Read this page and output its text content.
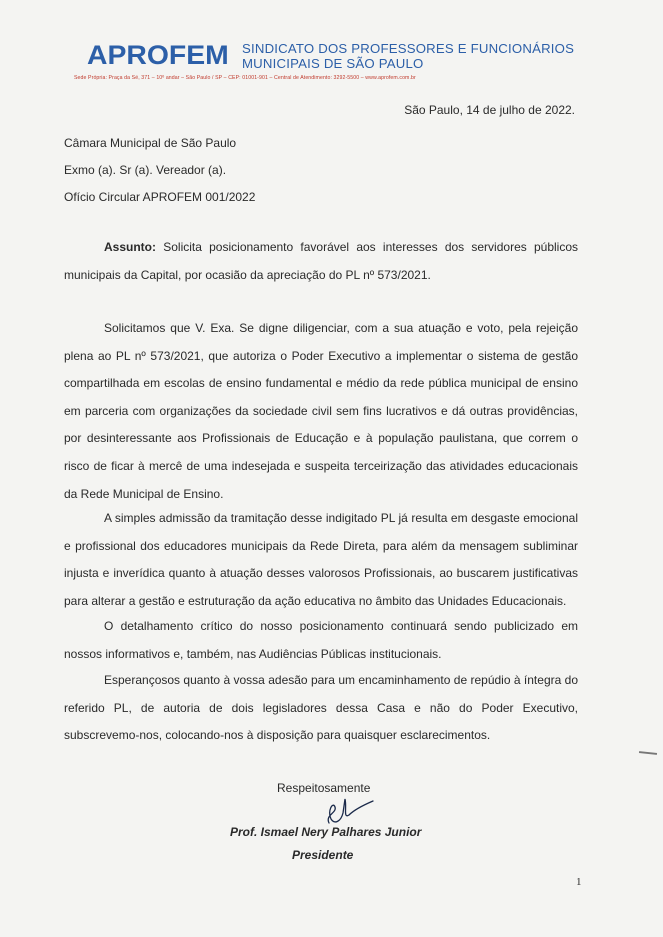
APROFEM SINDICATO DOS PROFESSORES E FUNCIONÁRIOS
MUNICIPAIS DE SÃO PAULO
Sede Própria: Praça da Sé, 371 – 10º andar – São Paulo / SP – CEP: 01001-901 – Central de Atendimento: 3292-5500 – www.aprofem.com.br
São Paulo, 14 de julho de 2022.
Câmara Municipal de São Paulo
Exmo (a). Sr (a). Vereador (a).
Ofício Circular APROFEM 001/2022
Assunto: Solicita posicionamento favorável aos interesses dos servidores públicos municipais da Capital, por ocasião da apreciação do PL nº 573/2021.
Solicitamos que V. Exa. Se digne diligenciar, com a sua atuação e voto, pela rejeição plena ao PL nº 573/2021, que autoriza o Poder Executivo a implementar o sistema de gestão compartilhada em escolas de ensino fundamental e médio da rede pública municipal de ensino em parceria com organizações da sociedade civil sem fins lucrativos e dá outras providências, por desinteressante aos Profissionais de Educação e à população paulistana, que correm o risco de ficar à mercê de uma indesejada e suspeita terceirização das atividades educacionais da Rede Municipal de Ensino.
A simples admissão da tramitação desse indigitado PL já resulta em desgaste emocional e profissional dos educadores municipais da Rede Direta, para além da mensagem subliminar injusta e inverídica quanto à atuação desses valorosos Profissionais, ao buscarem justificativas para alterar a gestão e estruturação da ação educativa no âmbito das Unidades Educacionais.
O detalhamento crítico do nosso posicionamento continuará sendo publicizado em nossos informativos e, também, nas Audiências Públicas institucionais.
Esperançosos quanto à vossa adesão para um encaminhamento de repúdio à íntegra do referido PL, de autoria de dois legisladores dessa Casa e não do Poder Executivo, subscrevemo-nos, colocando-nos à disposição para quaisquer esclarecimentos.
Respeitosamente
Prof. Ismael Nery Palhares Junior
Presidente
1
